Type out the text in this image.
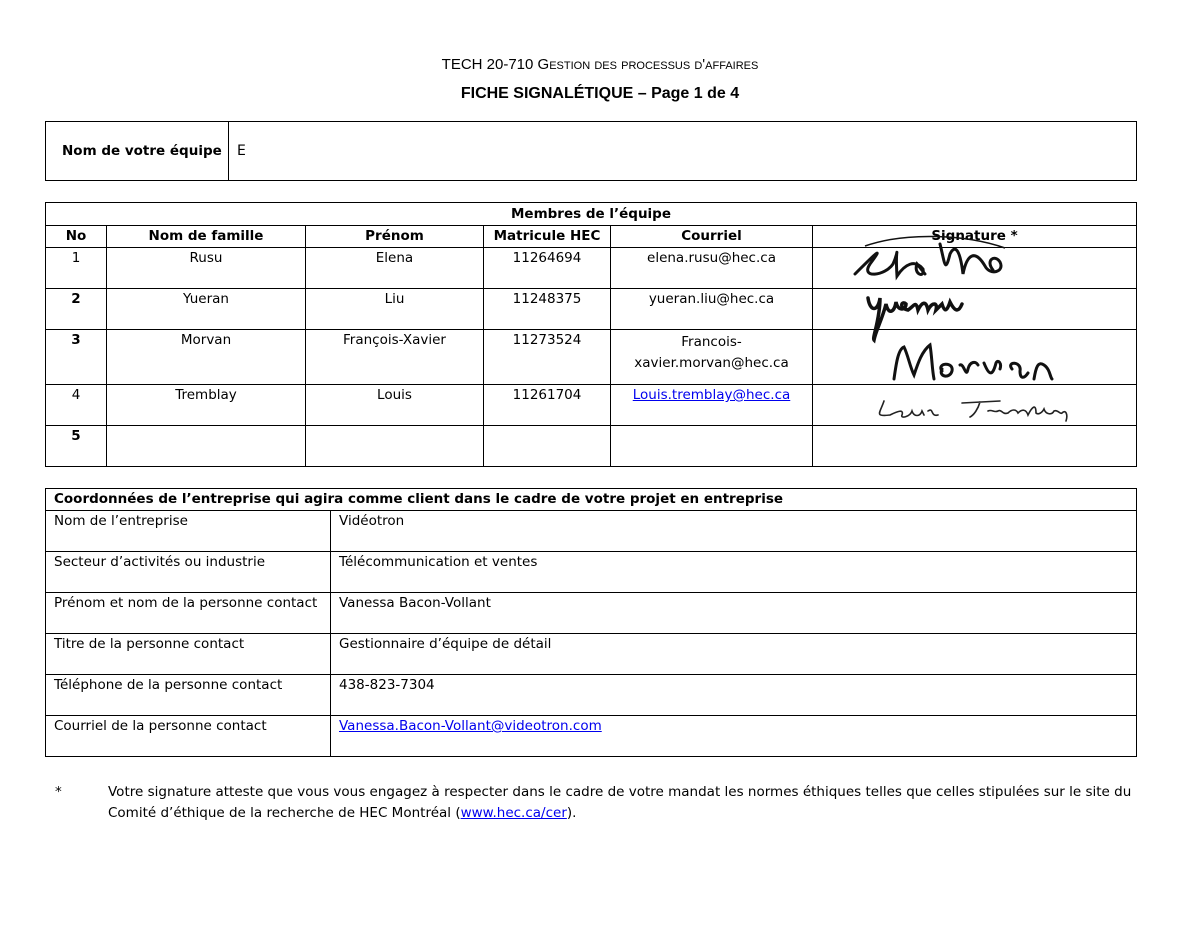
TECH 20-710 Gestion des processus d'affaires
FICHE SIGNALÉTIQUE – Page 1 de 4
Nom de votre équipe	E
Membres de l’équipe					
No	Nom de famille	Prénom	Matricule HEC	Courriel	Signature *
1	Rusu	Elena	11264694	elena.rusu@hec.ca	
2	Yueran	Liu	11248375	yueran.liu@hec.ca	
3	Morvan	François-Xavier	11273524	Francois-xavier.morvan@hec.ca	
4	Tremblay	Louis	11261704	Louis.tremblay@hec.ca	
5					
Coordonnées de l’entreprise qui agira comme client dans le cadre de votre projet en entreprise	
Nom de l’entreprise	Vidéotron
Secteur d’activités ou industrie	Télécommunication et ventes
Prénom et nom de la personne contact	Vanessa Bacon-Vollant
Titre de la personne contact	Gestionnaire d’équipe de détail
Téléphone de la personne contact	438-823-7304
Courriel de la personne contact	Vanessa.Bacon-Vollant@videotron.com
*	Votre signature atteste que vous vous engagez à respecter dans le cadre de votre mandat les normes éthiques telles que celles stipulées sur le site du Comité d’éthique de la recherche de HEC Montréal (www.hec.ca/cer).
